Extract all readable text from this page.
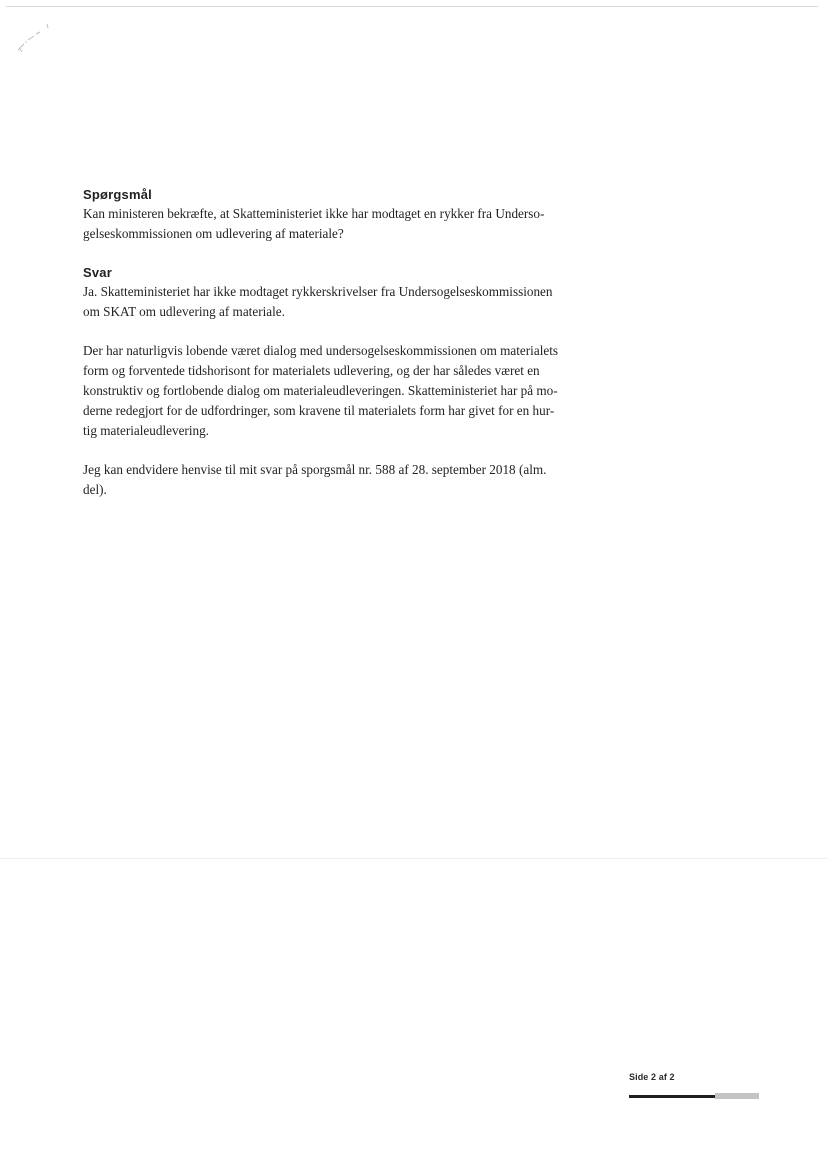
Spørgsmål

Kan ministeren bekræfte, at Skatteministeriet ikke har modtaget en rykker fra Underso-
gelseskommissionen om udlevering af materiale?

Svar

Ja. Skatteministeriet har ikke modtaget rykkerskrivelser fra Undersogelseskommissionen
om SKAT om udlevering af materiale.

Der har naturligvis lobende været dialog med undersogelseskommissionen om materialets
form og forventede tidshorisont for materialets udlevering, og der har således været en
konstruktiv og fortlobende dialog om materialeudleveringen. Skatteministeriet har på mo-
derne redegjort for de udfordringer, som kravene til materialets form har givet for en hur-
tig materialeudlevering.

Jeg kan endvidere henvise til mit svar på sporgsmål nr. 588 af 28. september 2018 (alm.
del).

Side 2 af 2
